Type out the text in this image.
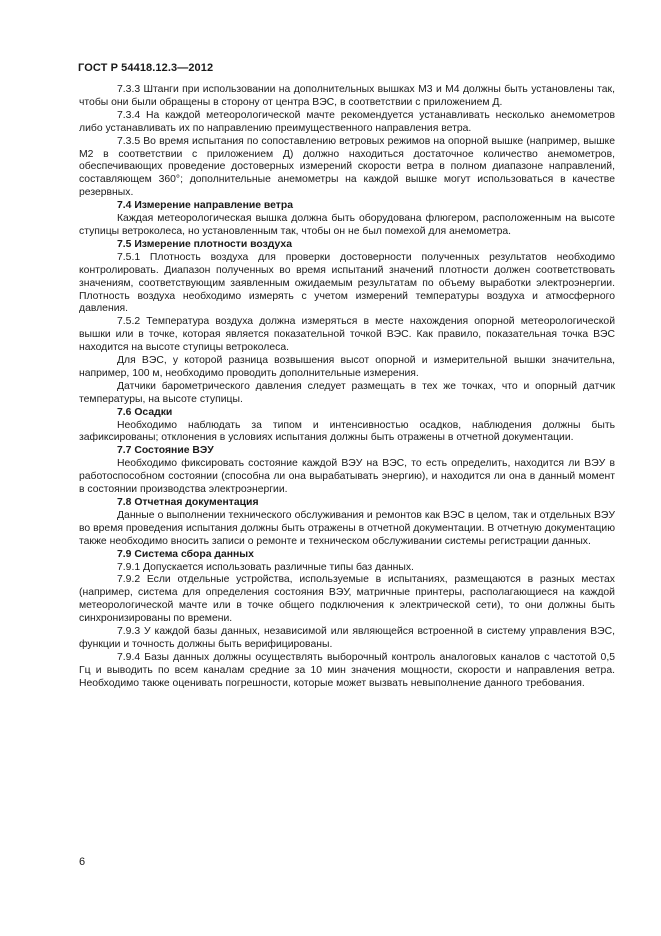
ГОСТ Р 54418.12.3—2012

7.3.3 Штанги при использовании на дополнительных вышках М3 и М4 должны быть установлены так, чтобы они были обращены в сторону от центра ВЭС, в соответствии с приложением Д.

7.3.4 На каждой метеорологической мачте рекомендуется устанавливать несколько анемометров либо устанавливать их по направлению преимущественного направления ветра.

7.3.5 Во время испытания по сопоставлению ветровых режимов на опорной вышке (например, вышке М2 в соответствии с приложением Д) должно находиться достаточное количество анемометров, обеспечивающих проведение достоверных измерений скорости ветра в полном диапазоне направлений, составляющем 360°; дополнительные анемометры на каждой вышке могут использоваться в качестве резервных.

7.4 Измерение направление ветра

Каждая метеорологическая вышка должна быть оборудована флюгером, расположенным на высоте ступицы ветроколеса, но установленным так, чтобы он не был помехой для анемометра.

7.5 Измерение плотности воздуха

7.5.1 Плотность воздуха для проверки достоверности полученных результатов необходимо контролировать. Диапазон полученных во время испытаний значений плотности должен соответствовать значениям, соответствующим заявленным ожидаемым результатам по объему выработки электроэнергии. Плотность воздуха необходимо измерять с учетом измерений температуры воздуха и атмосферного давления.

7.5.2 Температура воздуха должна измеряться в месте нахождения опорной метеорологической вышки или в точке, которая является показательной точкой ВЭС. Как правило, показательная точка ВЭС находится на высоте ступицы ветроколеса.

Для ВЭС, у которой разница возвышения высот опорной и измерительной вышки значительна, например, 100 м, необходимо проводить дополнительные измерения.

Датчики барометрического давления следует размещать в тех же точках, что и опорный датчик температуры, на высоте ступицы.

7.6 Осадки

Необходимо наблюдать за типом и интенсивностью осадков, наблюдения должны быть зафиксированы; отклонения в условиях испытания должны быть отражены в отчетной документации.

7.7 Состояние ВЭУ

Необходимо фиксировать состояние каждой ВЭУ на ВЭС, то есть определить, находится ли ВЭУ в работоспособном состоянии (способна ли она вырабатывать энергию), и находится ли она в данный момент в состоянии производства электроэнергии.

7.8 Отчетная документация

Данные о выполнении технического обслуживания и ремонтов как ВЭС в целом, так и отдельных ВЭУ во время проведения испытания должны быть отражены в отчетной документации. В отчетную документацию также необходимо вносить записи о ремонте и техническом обслуживании системы регистрации данных.

7.9 Система сбора данных

7.9.1 Допускается использовать различные типы баз данных.

7.9.2 Если отдельные устройства, используемые в испытаниях, размещаются в разных местах (например, система для определения состояния ВЭУ, матричные принтеры, располагающиеся на каждой метеорологической мачте или в точке общего подключения к электрической сети), то они должны быть синхронизированы по времени.

7.9.3 У каждой базы данных, независимой или являющейся встроенной в систему управления ВЭС, функции и точность должны быть верифицированы.

7.9.4 Базы данных должны осуществлять выборочный контроль аналоговых каналов с частотой 0,5 Гц и выводить по всем каналам средние за 10 мин значения мощности, скорости и направления ветра. Необходимо также оценивать погрешности, которые может вызвать невыполнение данного требования.

6
